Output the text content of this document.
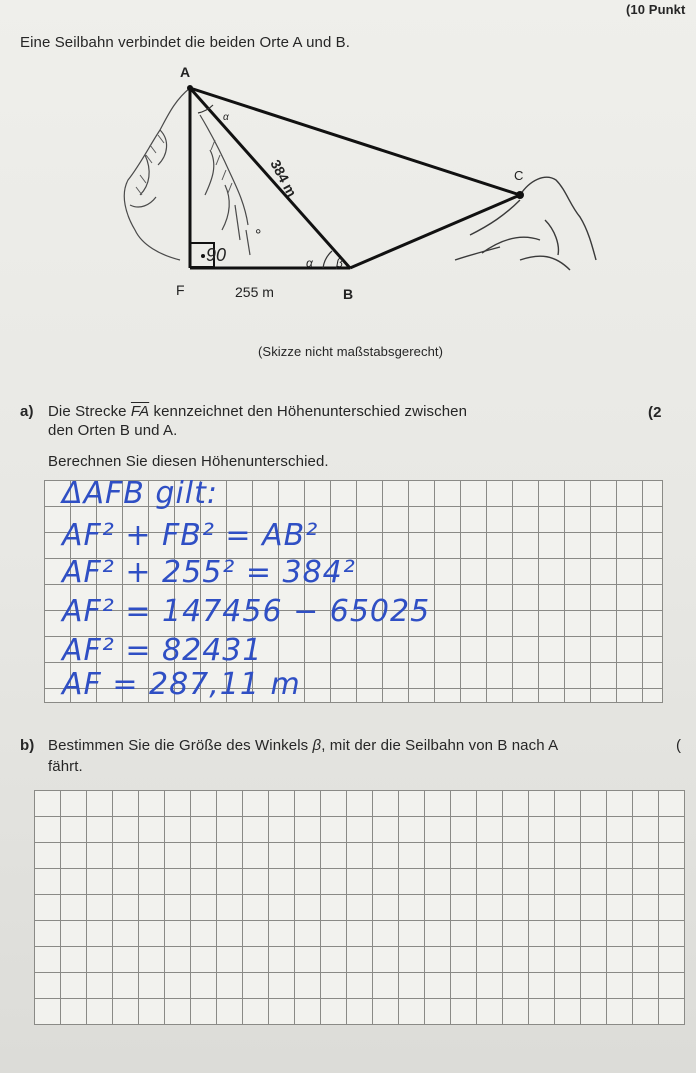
(10 Punkt
Eine Seilbahn verbindet die beiden Orte A und B.
A
C
F	B
255 m
384 m
90
°
α β
α
(Skizze nicht maßstabsgerecht)
a) Die Strecke $\overline{FA}$ kennzeichnet den Höhenunterschied zwischen	(2
den Orten B und A.
Berechnen Sie diesen Höhenunterschied.
ΔAFB gilt:
AF² + FB² = AB²
AF² + 255² = 384²
AF² = 147456 − 65025
AF² = 82431
AF = 287,11 m
b) Bestimmen Sie die Größe des Winkels β, mit der die Seilbahn von B nach A	(
fährt.
